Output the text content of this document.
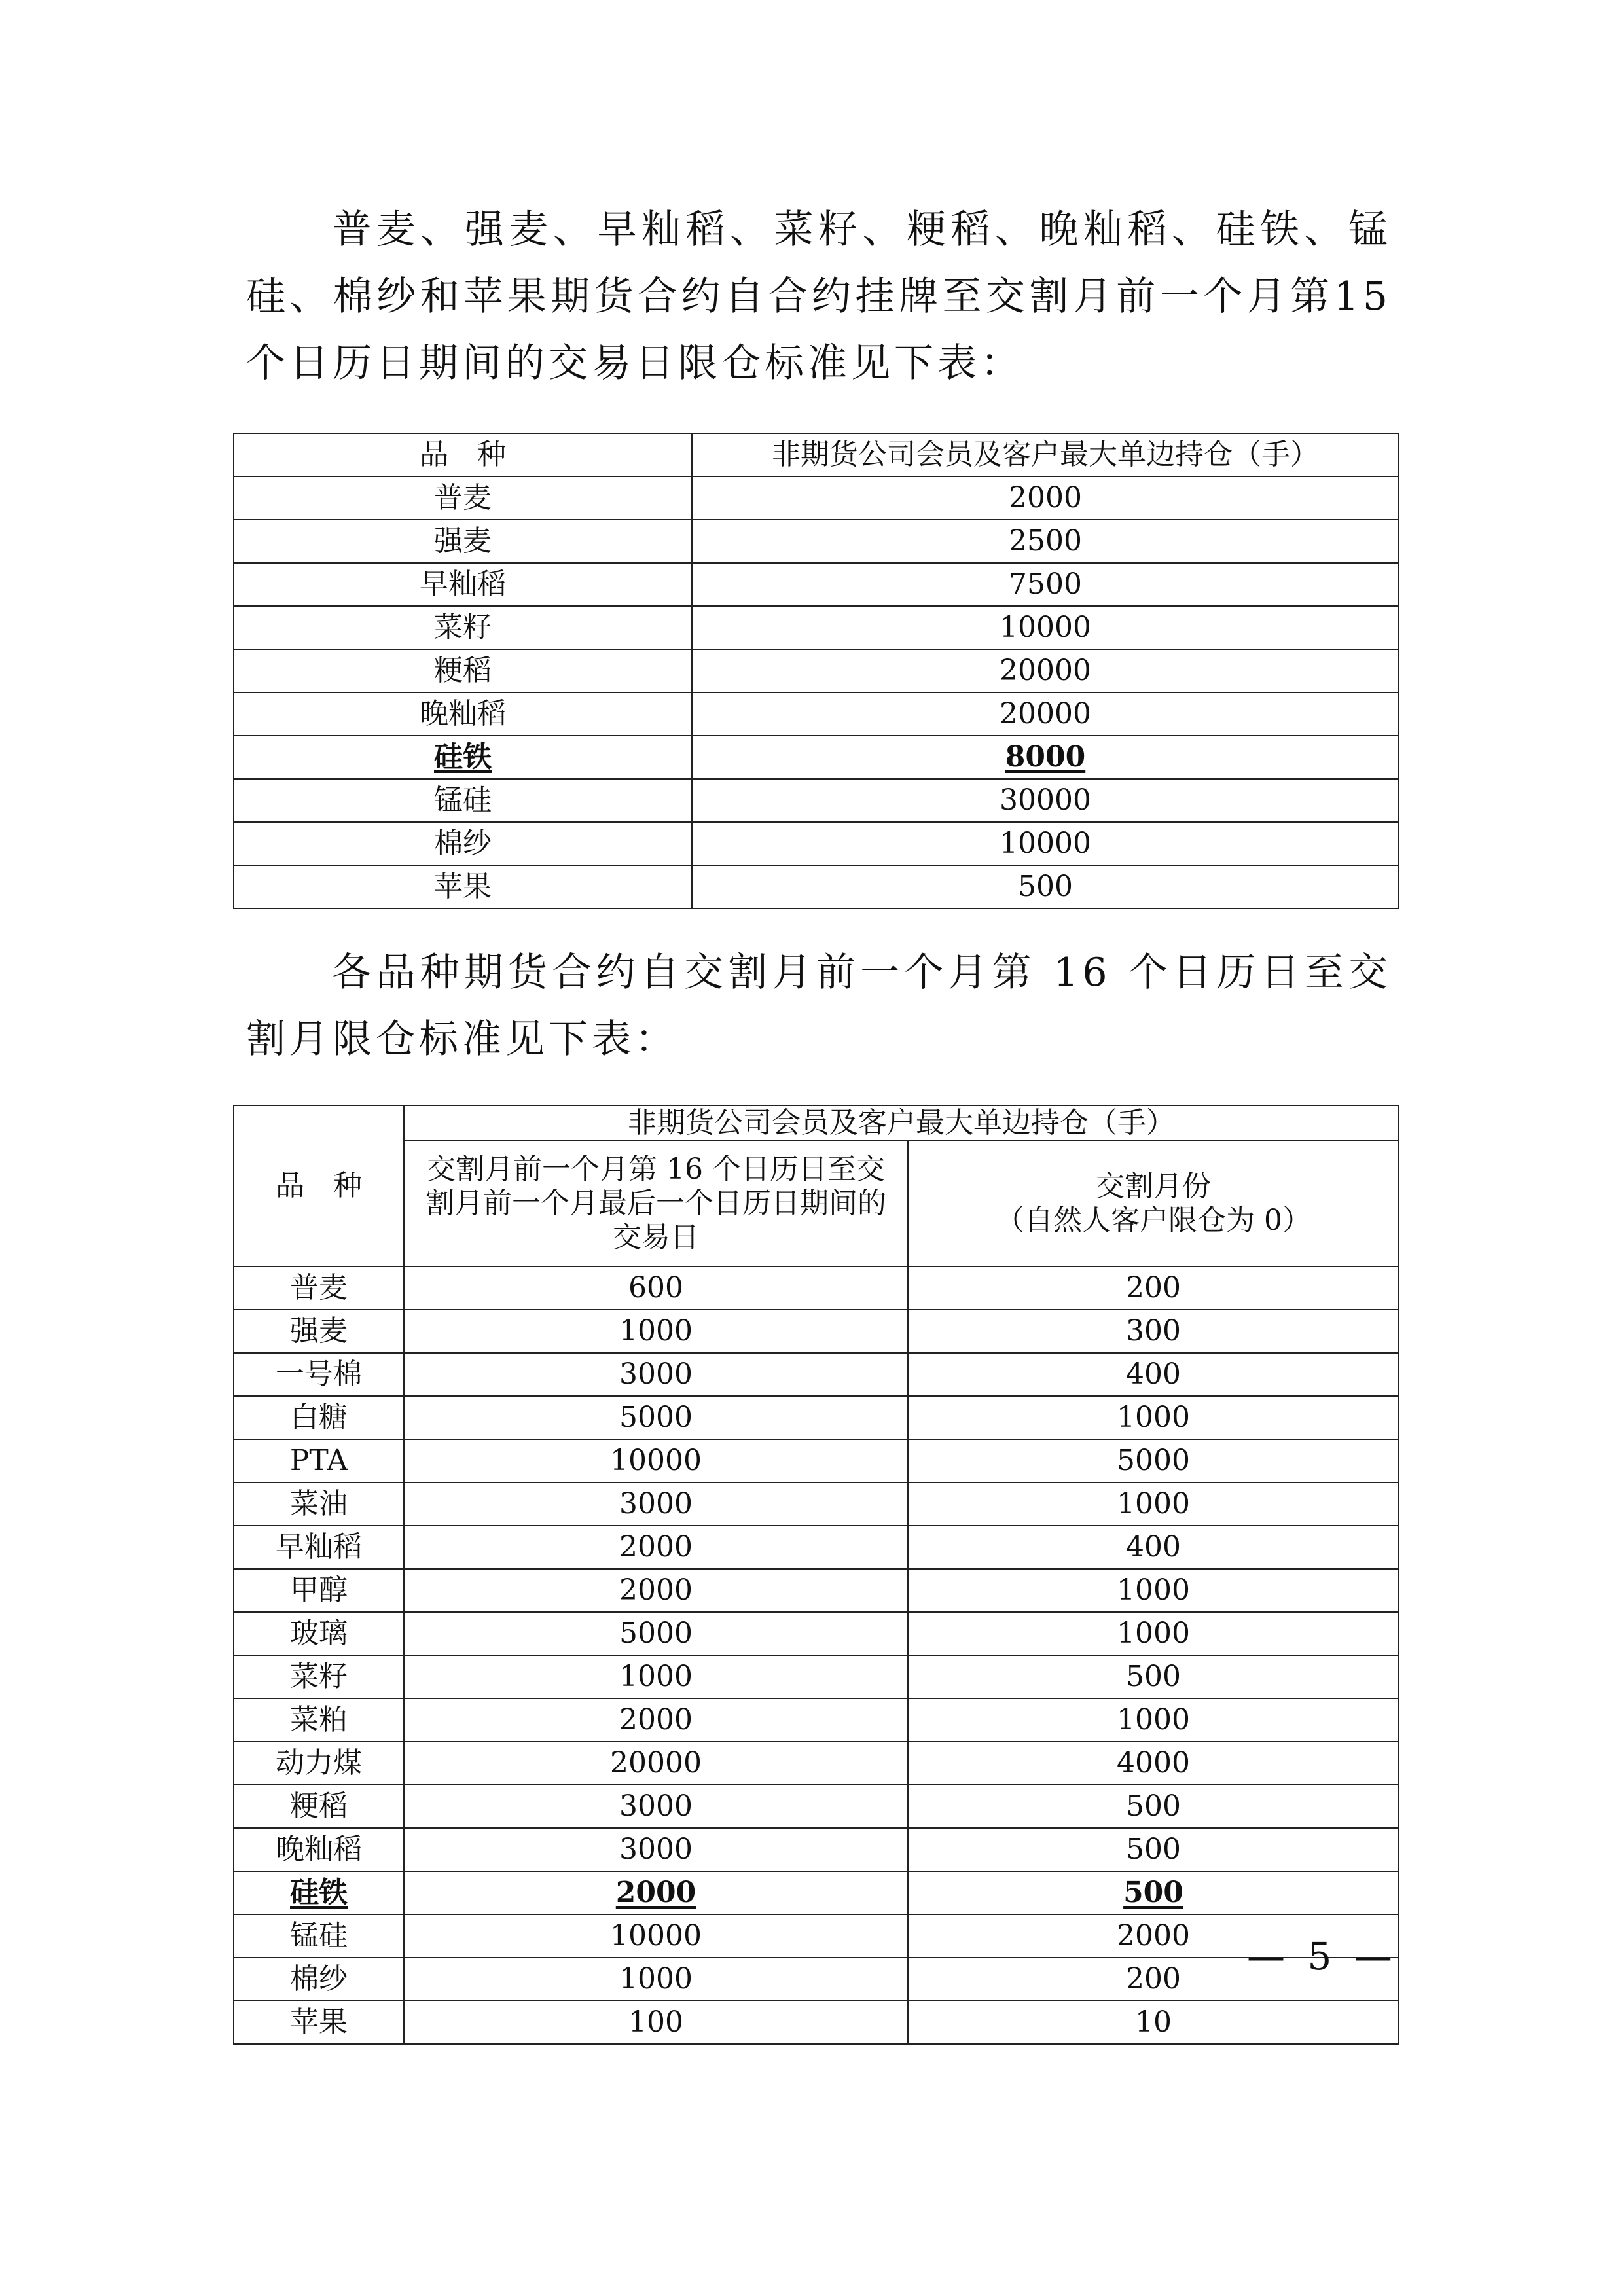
普麦、强麦、早籼稻、菜籽、粳稻、晚籼稻、硅铁、锰硅、棉纱和苹果期货合约自合约挂牌至交割月前一个月第15个日历日期间的交易日限仓标准见下表：

品　种	非期货公司会员及客户最大单边持仓（手）
普麦	2000
强麦	2500
早籼稻	7500
菜籽	10000
粳稻	20000
晚籼稻	20000
硅铁	8000
锰硅	30000
棉纱	10000
苹果	500

各品种期货合约自交割月前一个月第 16 个日历日至交割月限仓标准见下表：

品　种	非期货公司会员及客户最大单边持仓（手）	
	交割月前一个月第 16 个日历日至交割月前一个月最后一个日历日期间的交易日	交割月份
（自然人客户限仓为 0）

普麦	600	200
强麦	1000	300
一号棉	3000	400
白糖	5000	1000
PTA	10000	5000
菜油	3000	1000
早籼稻	2000	400
甲醇	2000	1000
玻璃	5000	1000
菜籽	1000	500
菜粕	2000	1000
动力煤	20000	4000
粳稻	3000	500
晚籼稻	3000	500
硅铁	2000	500
锰硅	10000	2000
棉纱	1000	200
苹果	100	10
— 5 —
